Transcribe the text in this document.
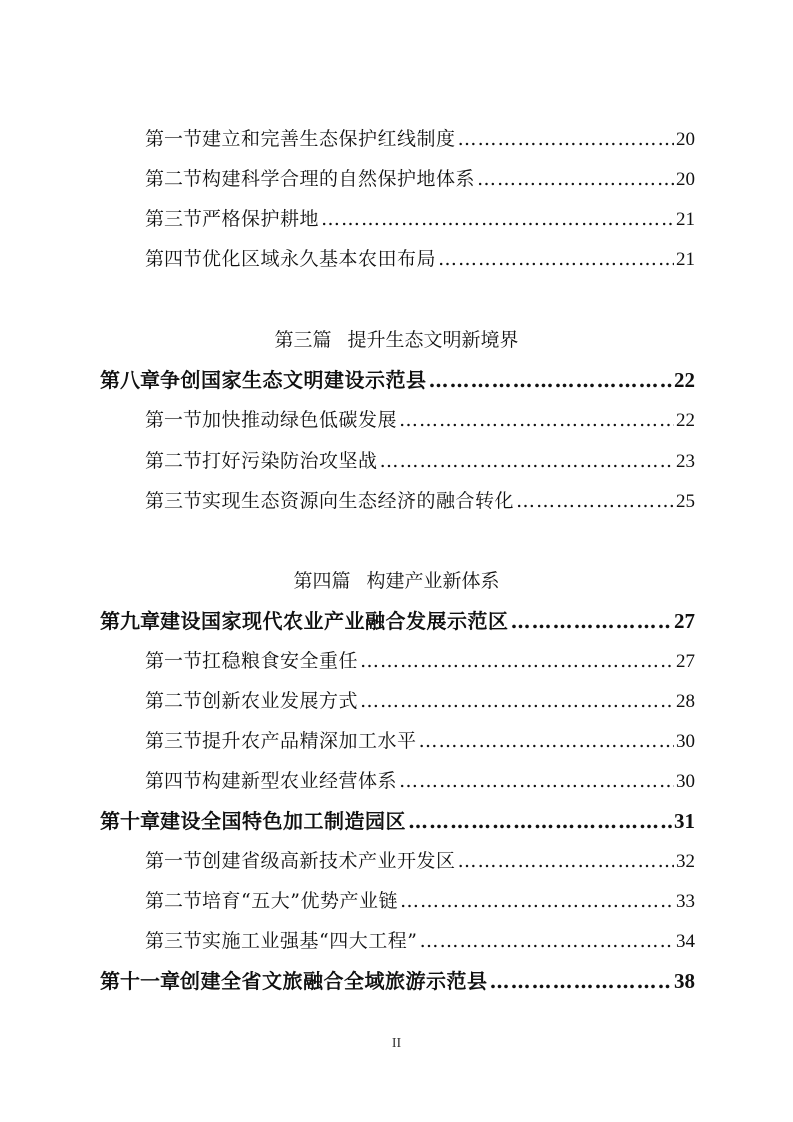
第一节 建立和完善生态保护红线制度 ……………………………………………………………………………………………………………………	20
第二节 构建科学合理的自然保护地体系 ……………………………………………………………………………………………………………………	20
第三节 严格保护耕地 ……………………………………………………………………………………………………………………	21
第四节 优化区域永久基本农田布局 ……………………………………………………………………………………………………………………	21
第三篇 提升生态文明新境界
第八章 争创国家生态文明建设示范县 ……………………………………………………………………………………………………………………	22
第一节 加快推动绿色低碳发展 ……………………………………………………………………………………………………………………	22
第二节 打好污染防治攻坚战 ……………………………………………………………………………………………………………………	23
第三节 实现生态资源向生态经济的融合转化 ……………………………………………………………………………………………………………………	25
第四篇 构建产业新体系
第九章 建设国家现代农业产业融合发展示范区 ……………………………………………………………………………………………………………………	27
第一节 扛稳粮食安全重任 ……………………………………………………………………………………………………………………	27
第二节 创新农业发展方式 ……………………………………………………………………………………………………………………	28
第三节 提升农产品精深加工水平 ……………………………………………………………………………………………………………………	30
第四节 构建新型农业经营体系 ……………………………………………………………………………………………………………………	30
第十章 建设全国特色加工制造园区 ……………………………………………………………………………………………………………………	31
第一节 创建省级高新技术产业开发区 ……………………………………………………………………………………………………………………	32
第二节 培育“五大”优势产业链 ……………………………………………………………………………………………………………………	33
第三节 实施工业强基“四大工程” ……………………………………………………………………………………………………………………	34
第十一章 创建全省文旅融合全域旅游示范县 ……………………………………………………………………………………………………………………	38
II
